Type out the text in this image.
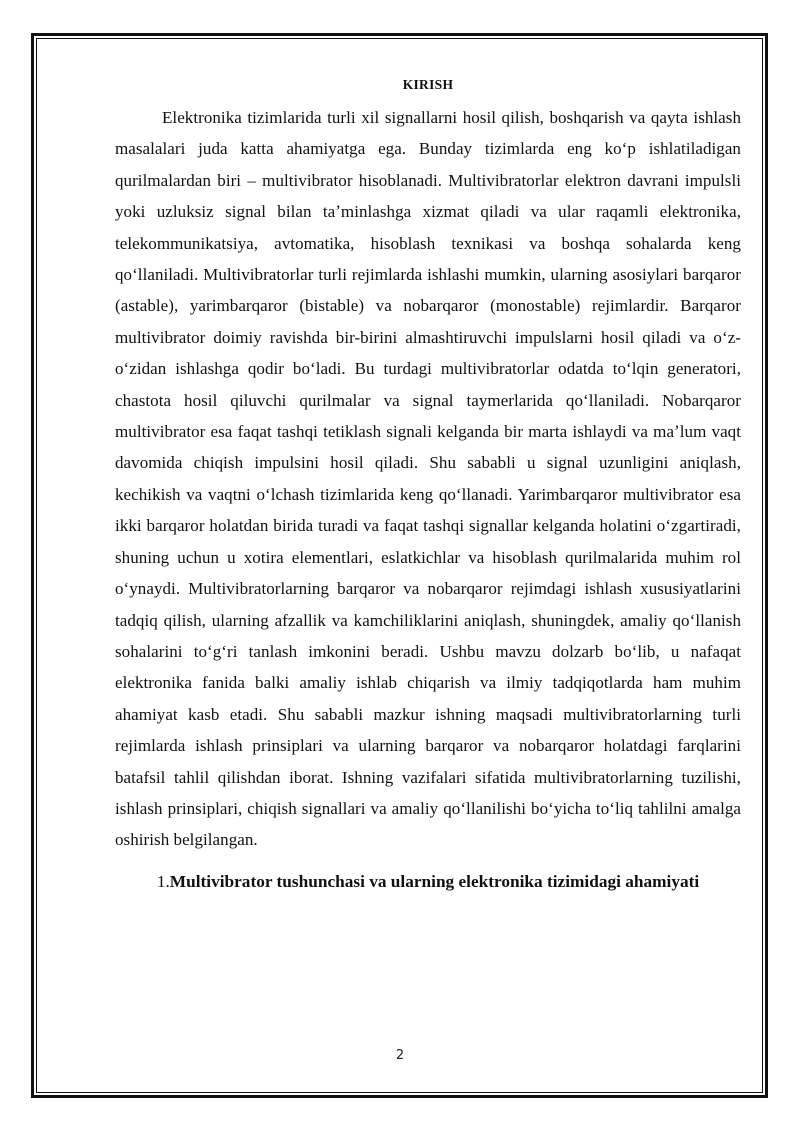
KIRISH

Elektronika tizimlarida turli xil signallarni hosil qilish, boshqarish va qayta ishlash masalalari juda katta ahamiyatga ega. Bunday tizimlarda eng koʻp ishlatiladigan qurilmalardan biri – multivibrator hisoblanadi. Multivibratorlar elektron davrani impulsli yoki uzluksiz signal bilan taʼminlashga xizmat qiladi va ular raqamli elektronika, telekommunikatsiya, avtomatika, hisoblash texnikasi va boshqa sohalarda keng qoʻllaniladi. Multivibratorlar turli rejimlarda ishlashi mumkin, ularning asosiylari barqaror (astable), yarimbarqaror (bistable) va nobarqaror (monostable) rejimlardir. Barqaror multivibrator doimiy ravishda bir-birini almashtiruvchi impulslarni hosil qiladi va oʻz-oʻzidan ishlashga qodir boʻladi. Bu turdagi multivibratorlar odatda toʻlqin generatori, chastota hosil qiluvchi qurilmalar va signal taymerlarida qoʻllaniladi. Nobarqaror multivibrator esa faqat tashqi tetiklash signali kelganda bir marta ishlaydi va maʼlum vaqt davomida chiqish impulsini hosil qiladi. Shu sababli u signal uzunligini aniqlash, kechikish va vaqtni oʻlchash tizimlarida keng qoʻllanadi. Yarimbarqaror multivibrator esa ikki barqaror holatdan birida turadi va faqat tashqi signallar kelganda holatini oʻzgartiradi, shuning uchun u xotira elementlari, eslatkichlar va hisoblash qurilmalarida muhim rol oʻynaydi. Multivibratorlarning barqaror va nobarqaror rejimdagi ishlash xususiyatlarini tadqiq qilish, ularning afzallik va kamchiliklarini aniqlash, shuningdek, amaliy qoʻllanish sohalarini toʻgʻri tanlash imkonini beradi. Ushbu mavzu dolzarb boʻlib, u nafaqat elektronika fanida balki amaliy ishlab chiqarish va ilmiy tadqiqotlarda ham muhim ahamiyat kasb etadi. Shu sababli mazkur ishning maqsadi multivibratorlarning turli rejimlarda ishlash prinsiplari va ularning barqaror va nobarqaror holatdagi farqlarini batafsil tahlil qilishdan iborat. Ishning vazifalari sifatida multivibratorlarning tuzilishi, ishlash prinsiplari, chiqish signallari va amaliy qoʻllanilishi boʻyicha toʻliq tahlilni amalga oshirish belgilangan.

1.Multivibrator tushunchasi va ularning elektronika tizimidagi ahamiyati

2
